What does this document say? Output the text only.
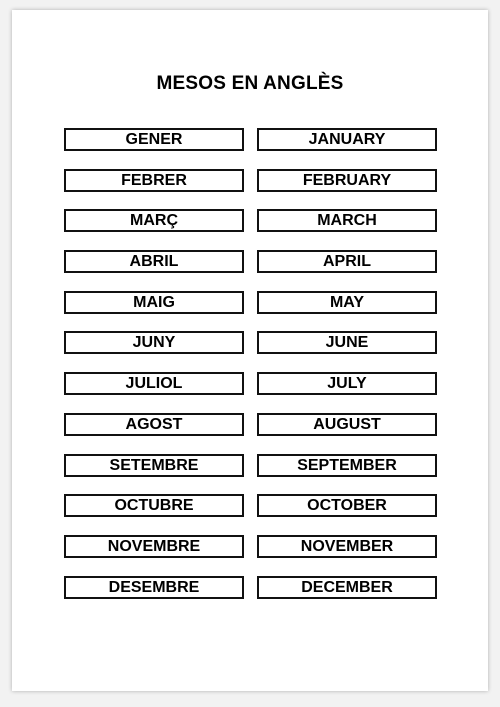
MESOS EN ANGLÈS
GENER	JANUARY
FEBRER	FEBRUARY
MARÇ	MARCH
ABRIL	APRIL
MAIG	MAY
JUNY	JUNE
JULIOL	JULY
AGOST	AUGUST
SETEMBRE	SEPTEMBER
OCTUBRE	OCTOBER
NOVEMBRE	NOVEMBER
DESEMBRE	DECEMBER
